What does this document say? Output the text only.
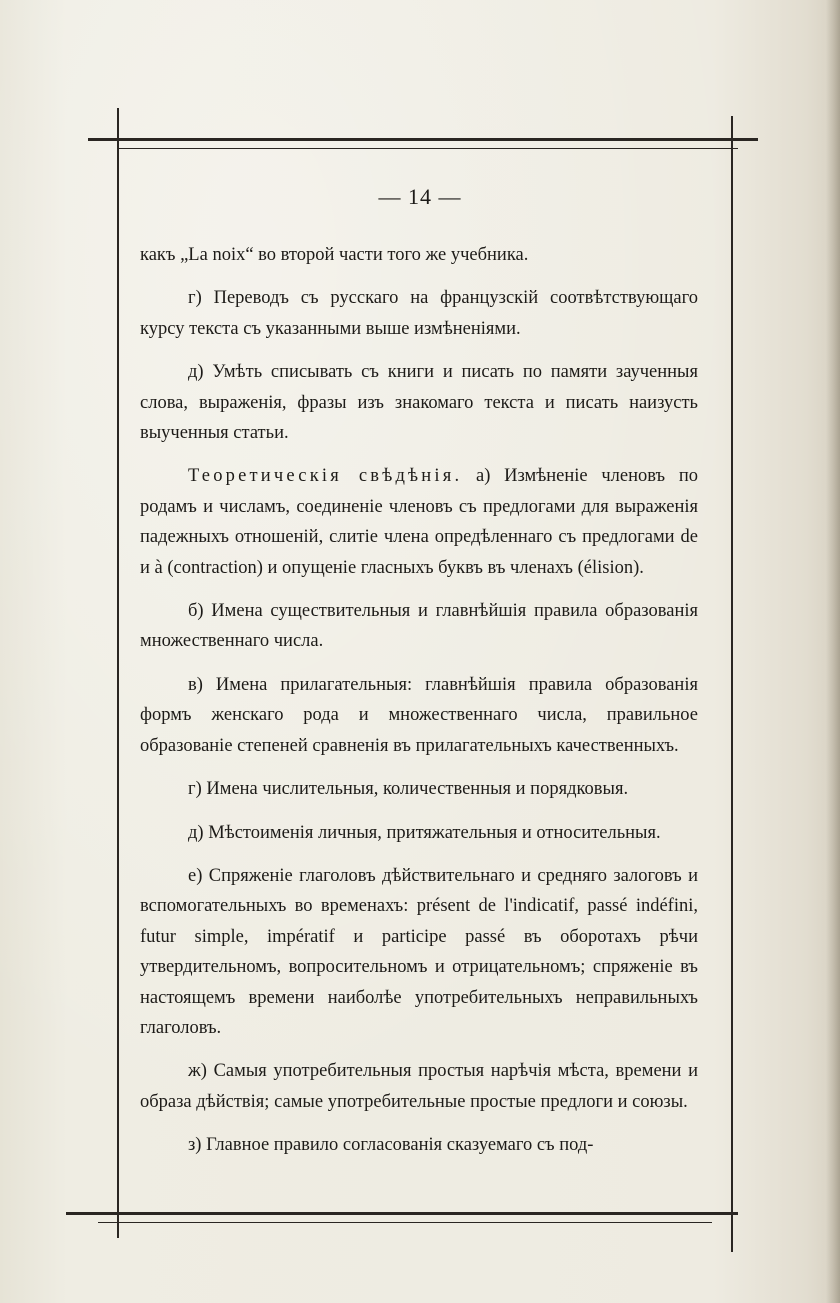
— 14 —

какъ „La noix“ во второй части того же учебника.

г) Переводъ съ русскаго на французскій соотвѣтствующаго курсу текста съ указанными выше измѣненіями.

д) Умѣть списывать съ книги и писать по памяти заученныя слова, выраженія, фразы изъ знакомаго текста и писать наизусть выученныя статьи.

Теоретическія свѣдѣнія. а) Измѣненіе членовъ по родамъ и числамъ, соединеніе членовъ съ предлогами для выраженія падежныхъ отношеній, слитіе члена опредѣленнаго съ предлогами de и à (contraction) и опущеніе гласныхъ буквъ въ членахъ (élision).

б) Имена существительныя и главнѣйшія правила образованія множественнаго числа.

в) Имена прилагательныя: главнѣйшія правила образованія формъ женскаго рода и множественнаго числа, правильное образованіе степеней сравненія въ прилагательныхъ качественныхъ.

г) Имена числительныя, количественныя и порядковыя.

д) Мѣстоименія личныя, притяжательныя и относительныя.

е) Спряженіе глаголовъ дѣйствительнаго и средняго залоговъ и вспомогательныхъ во временахъ: présent de l'indicatif, passé indéfini, futur simple, impératif и participe passé въ оборотахъ рѣчи утвердительномъ, вопросительномъ и отрицательномъ; спряженіе въ настоящемъ времени наиболѣе употребительныхъ неправильныхъ глаголовъ.

ж) Самыя употребительныя простыя нарѣчія мѣста, времени и образа дѣйствія; самые употребительные простые предлоги и союзы.

з) Главное правило согласованія сказуемаго съ под-
